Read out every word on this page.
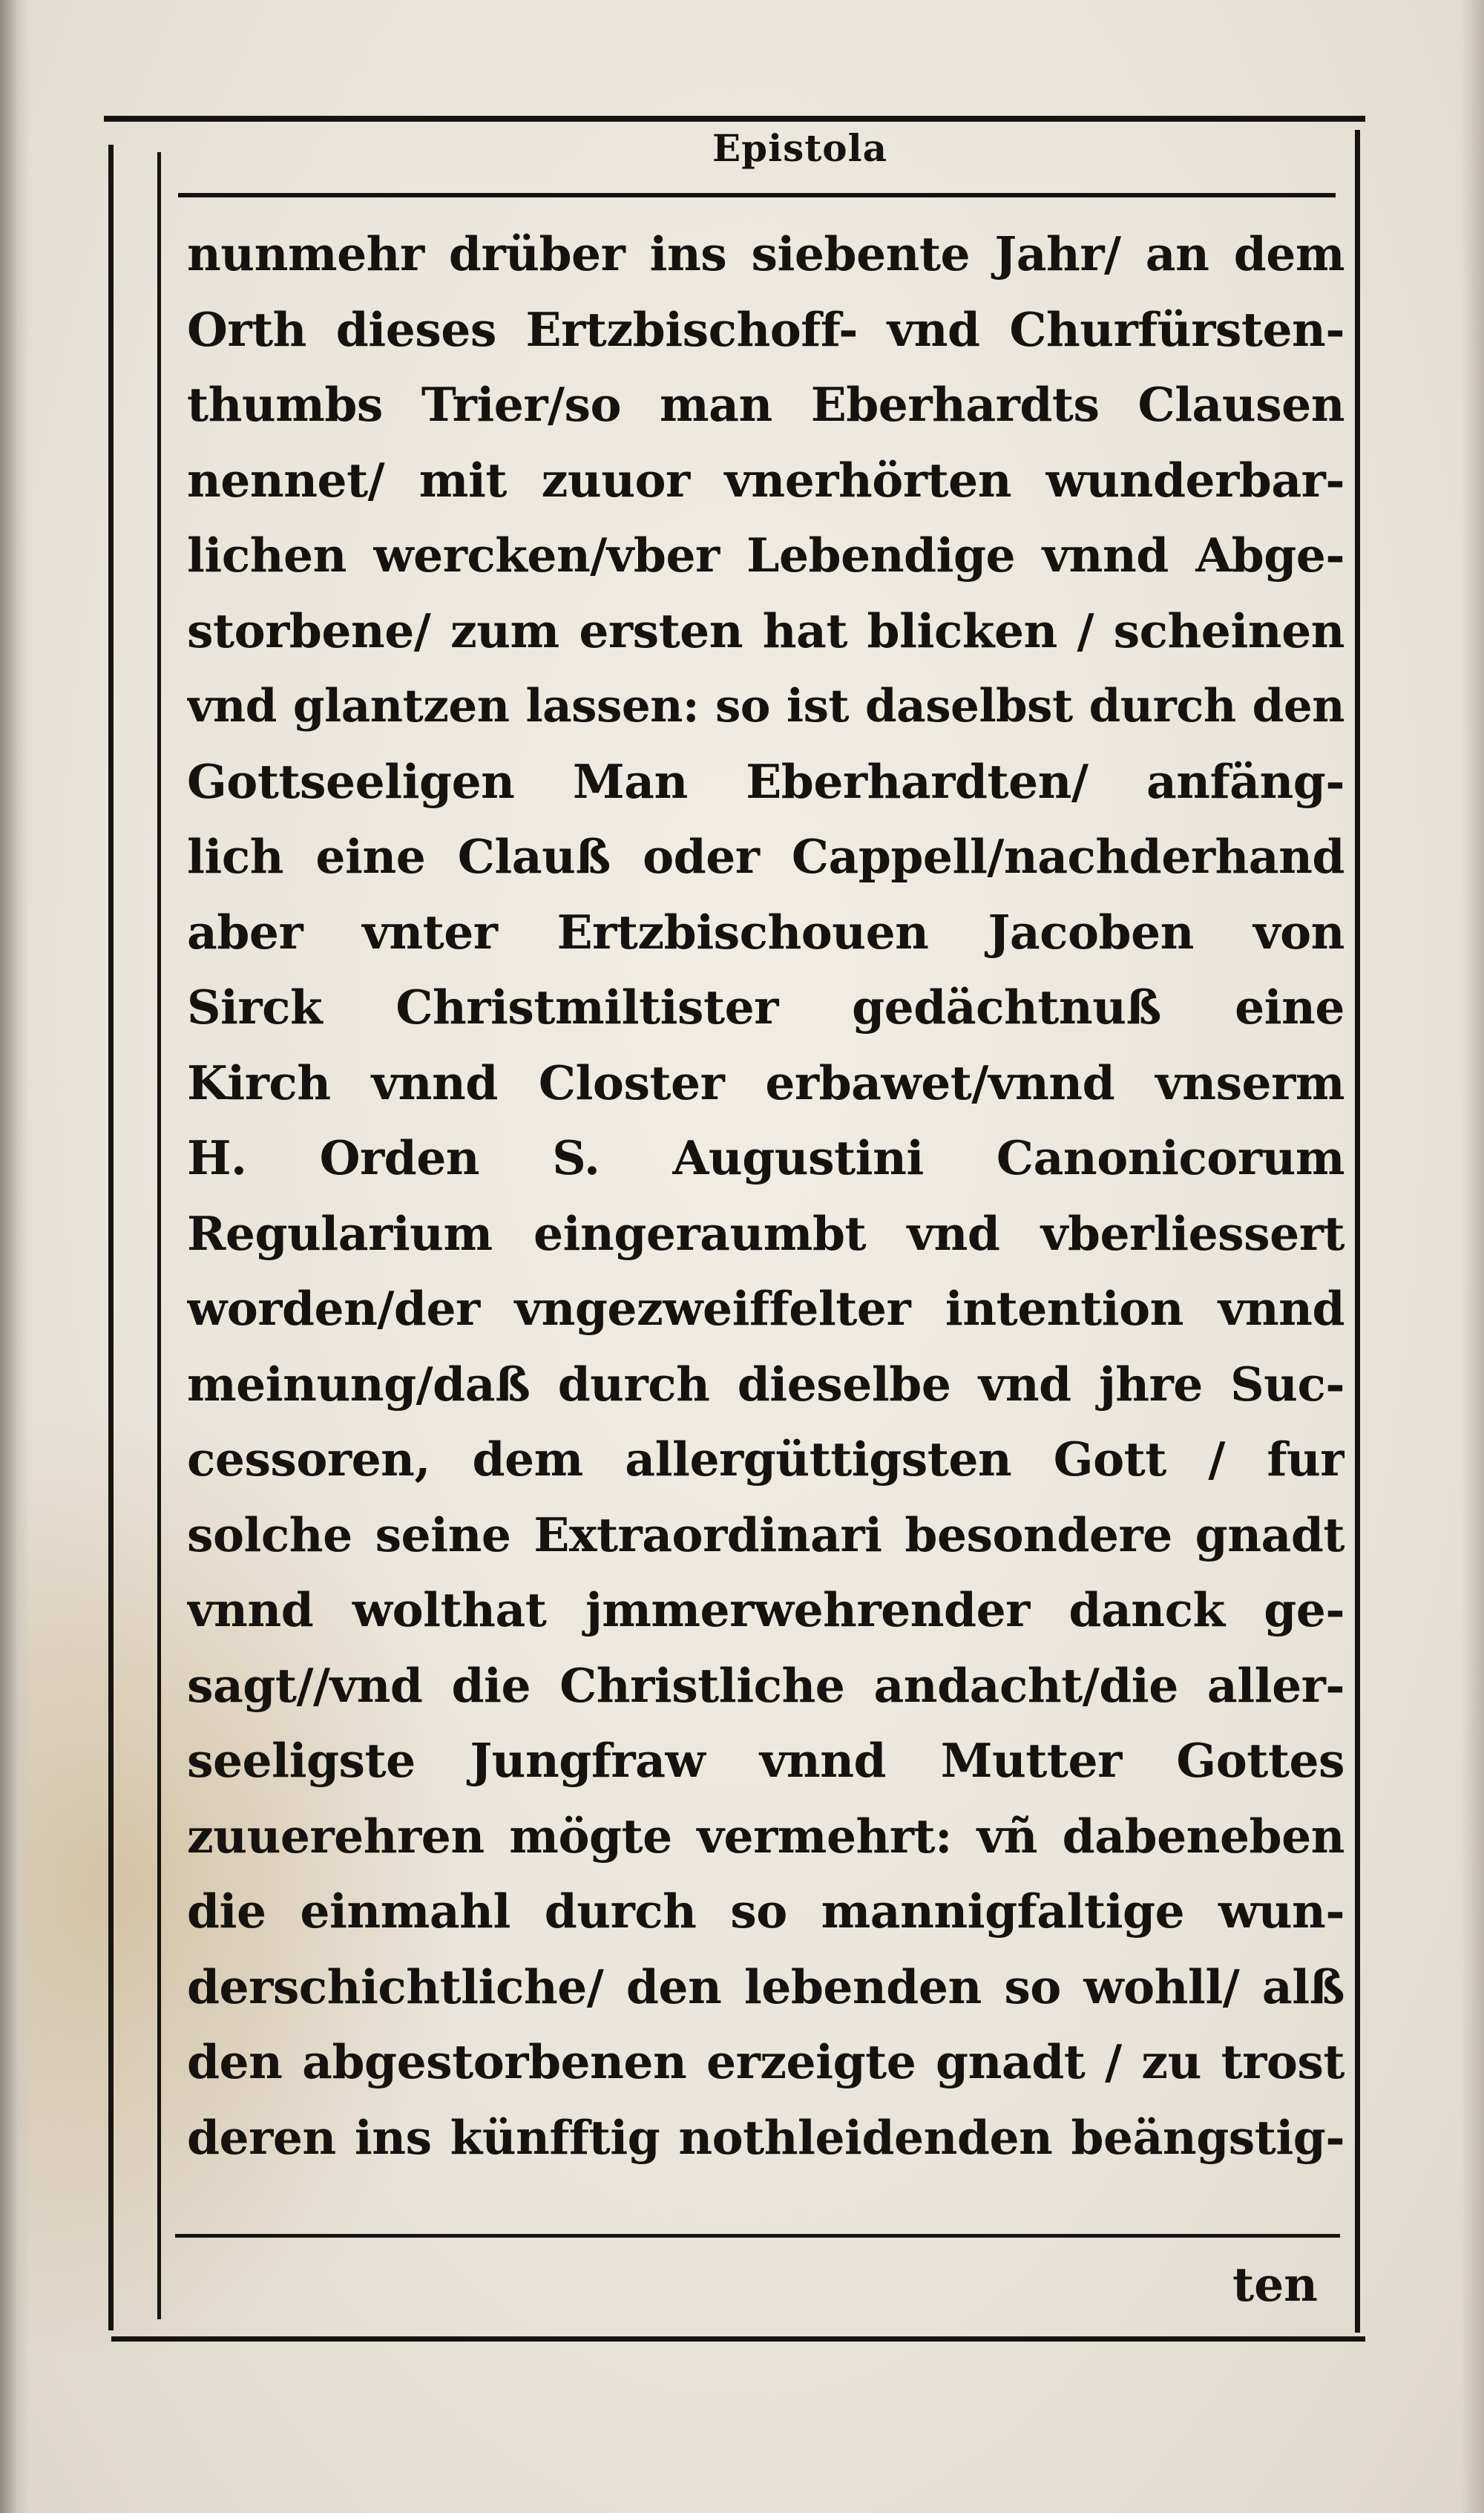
Epistola
nunmehr drüber ins siebente Jahr/ an dem
Orth dieses Ertzbischoff- vnd Churfürsten-
thumbs Trier/so man Eberhardts Clausen
nennet/ mit zuuor vnerhörten wunderbar-
lichen wercken/vber Lebendige vnnd Abge-
storbene/ zum ersten hat blicken / scheinen
vnd glantzen lassen: so ist daselbst durch den
Gottseeligen Man Eberhardten/ anfäng-
lich eine Clauß oder Cappell/nachderhand
aber vnter Ertzbischouen Jacoben von
Sirck Christmiltister gedächtnuß eine
Kirch vnnd Closter erbawet/vnnd vnserm
H. Orden S. Augustini Canonicorum
Regularium eingeraumbt vnd vberliessert
worden/der vngezweiffelter intention vnnd
meinung/daß durch dieselbe vnd jhre Suc-
cessoren, dem allergüttigsten Gott / fur
solche seine Extraordinari besondere gnadt
vnnd wolthat jmmerwehrender danck ge-
sagt//vnd die Christliche andacht/die aller-
seeligste Jungfraw vnnd Mutter Gottes
zuuerehren mögte vermehrt: vñ dabeneben
die einmahl durch so mannigfaltige wun-
derschichtliche/ den lebenden so wohll/ alß
den abgestorbenen erzeigte gnadt / zu trost
deren ins künfftig nothleidenden beängstig-
ten
